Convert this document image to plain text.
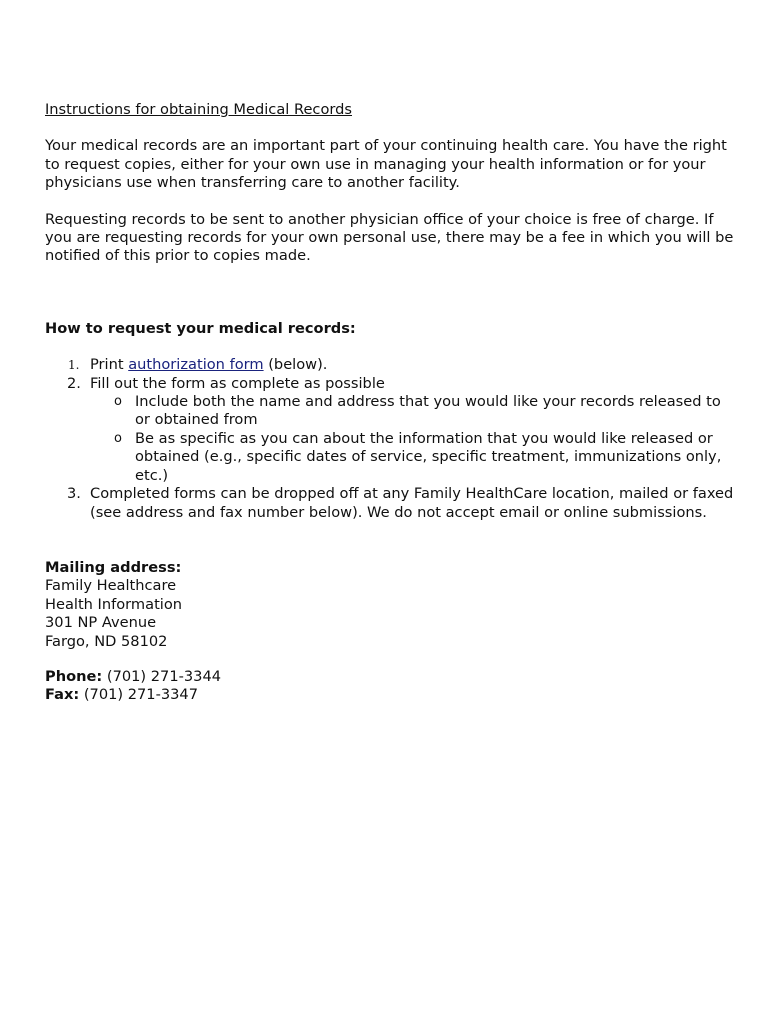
Instructions for obtaining Medical Records

Your medical records are an important part of your continuing health care. You have the right to request copies, either for your own use in managing your health information or for your physicians use when transferring care to another facility.

Requesting records to be sent to another physician office of your choice is free of charge. If you are requesting records for your own personal use, there may be a fee in which you will be notified of this prior to copies made.

How to request your medical records:
1. Print authorization form (below).
2. Fill out the form as complete as possible
o Include both the name and address that you would like your records released to or obtained from
o Be as specific as you can about the information that you would like released or obtained (e.g., specific dates of service, specific treatment, immunizations only, etc.)
3. Completed forms can be dropped off at any Family HealthCare location, mailed or faxed (see address and fax number below). We do not accept email or online submissions.
Mailing address:
Family Healthcare
Health Information
301 NP Avenue
Fargo, ND 58102
Phone: (701) 271-3344
Fax: (701) 271-3347
